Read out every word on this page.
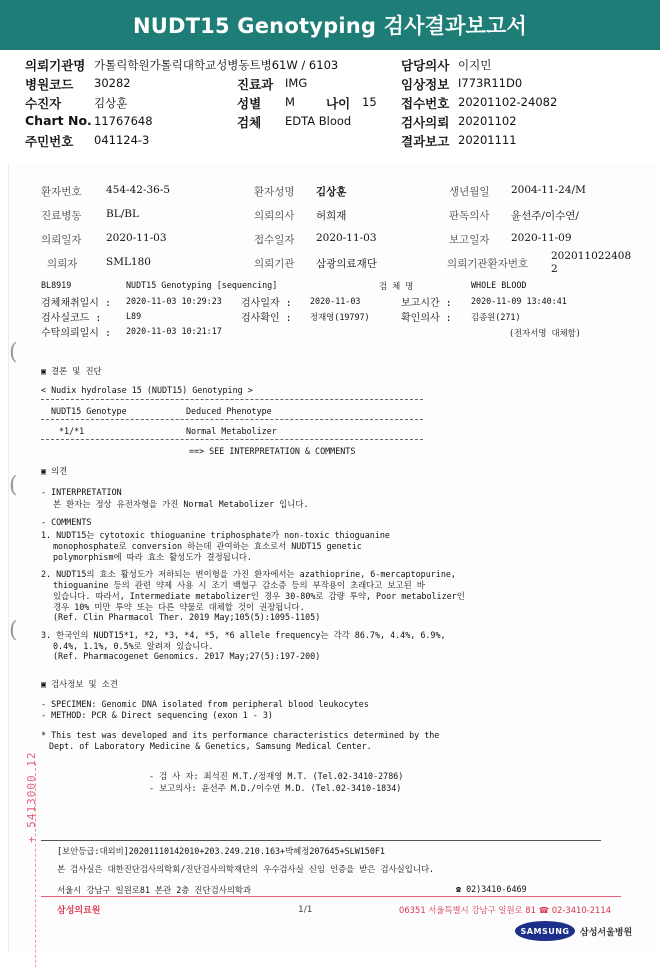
NUDT15 Genotyping 검사결과보고서
의뢰기관명 가톨릭학원가톨릭대학교성병동트병61W / 6103	담당의사 이지민
병원코드 30282	진료과 IMG	임상정보 I773R11D0
수진자	김상훈	성별 M 나이 15 접수번호 20201102-24082
Chart No. 11767648	검체 EDTA Blood	검사의뢰 20201102
주민번호 041124-3	결과보고 20201111
환자번호 454-42-36-5	환자성명 김상훈	생년월일 2004-11-24/M
진료병동 BL/BL	의뢰의사 허희재	판독의사 윤선주/이수연/
의뢰일자 2020-11-03	접수일자 2020-11-03	보고일자 2020-11-09
의뢰자	SML180	의뢰기관 삼광의료재단	의뢰기관환자번호
202011022408
2
BL8919	NUDT15 Genotyping [sequencing]	검 체 명	WHOLE BLOOD
검체채취일시 : 2020-11-03 10:29:23 검사일자 : 2020-11-03	보고시간 : 2020-11-09 13:40:41
검사실코드 :	L89	검사확인 : 정재영(19797)	확인의사 : 김종원(271)
수탁의뢰일시 : 2020-11-03 10:21:17	(전자서명 대체함)
(
▣ 결론 및 진단
< Nudix hydrolase 15 (NUDT15) Genotyping >
NUDT15 Genotype	Deduced Phenotype
*1/*1	Normal Metabolizer
==> SEE INTERPRETATION & COMMENTS
▣ 의견
(	- INTERPRETATION
본 환자는 정상 유전자형을 가진 Normal Metabolizer 입니다.
- COMMENTS
1. NUDT15는 cytotoxic thioguanine triphosphate가 non-toxic thioguanine
monophosphate로 conversion 하는데 관여하는 효소로서 NUDT15 genetic
polymorphism에 따라 효소 활성도가 결정됩니다.
2. NUDT15의 효소 활성도가 저하되는 변이형을 가진 환자에서는 azathioprine, 6-mercaptopurine,
thioguanine 등의 관련 약제 사용 시 조기 백혈구 감소증 등의 부작용이 초래다고 보고된 바
있습니다. 따라서, Intermediate metabolizer인 경우 30-80%로 감량 투약, Poor metabolizer인
경우 10% 미만 투약 또는 다른 약물로 대체할 것이 권장됩니다.
(Ref. Clin Pharmacol Ther. 2019 May;105(5):1095-1105)
(	3. 한국인의 NUDT15*1, *2, *3, *4, *5, *6 allele frequency는 각각 86.7%, 4.4%, 6.9%,
0.4%, 1.1%, 0.5%로 알려져 있습니다.
(Ref. Pharmacogenet Genomics. 2017 May;27(5):197-200)
▣ 검사정보 및 소견
- SPECIMEN: Genomic DNA isolated from peripheral blood leukocytes
- METHOD: PCR & Direct sequencing (exon 1 - 3)
* This test was developed and its performance characteristics determined by the
Dept. of Laboratory Medicine & Genetics, Samsung Medical Center.
- 검 사 자: 최석진 M.T./정재영 M.T. (Tel.02-3410-2786)
- 보고의사: 윤선주 M.D./이수연 M.D. (Tel.02-3410-1834)
+ 5413000 12
[보안등급:대외비]20201110142010+203.249.210.163+박혜정207645+SLW150F1
본 검사실은 대한진단검사의학회/진단검사의학재단의 우수검사실 신임 인증을 받은 검사실입니다.
서울시 강남구 일원로81 본관 2층 진단검사의학과	☎ 02)3410-6469
삼성의료원	1/1	06351 서울특별시 강남구 일원로 81 ☎ 02-3410-2114
SAMSUNG	삼성서울병원
